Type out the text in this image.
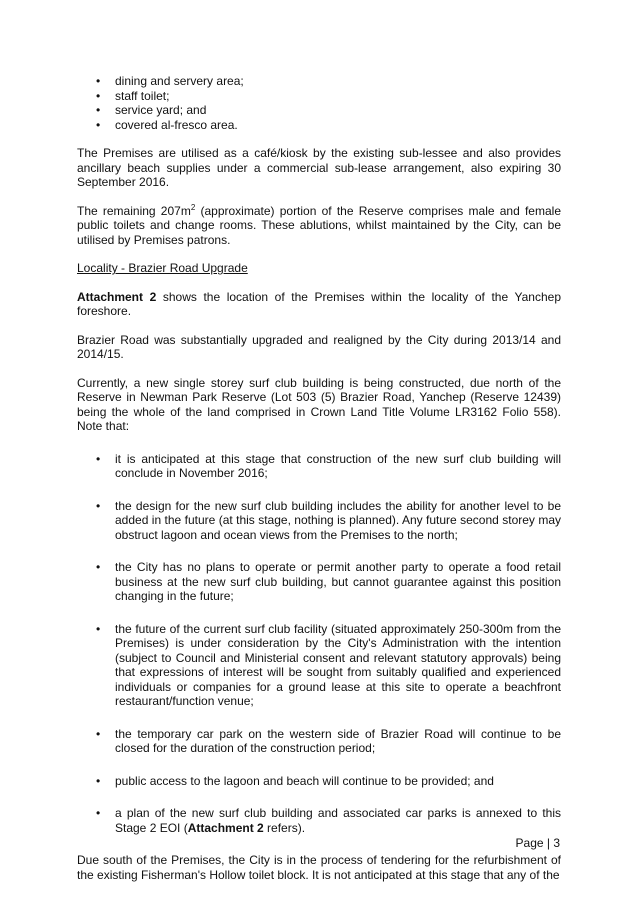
• dining and servery area;
• staff toilet;
• service yard; and
• covered al-fresco area.

The Premises are utilised as a café/kiosk by the existing sub-lessee and also provides ancillary beach supplies under a commercial sub-lease arrangement, also expiring 30 September 2016.

The remaining $207m^2$ (approximate) portion of the Reserve comprises male and female public toilets and change rooms. These ablutions, whilst maintained by the City, can be utilised by Premises patrons.

Locality - Brazier Road Upgrade

Attachment 2 shows the location of the Premises within the locality of the Yanchep foreshore.

Brazier Road was substantially upgraded and realigned by the City during 2013/14 and 2014/15.

Currently, a new single storey surf club building is being constructed, due north of the Reserve in Newman Park Reserve (Lot 503 (5) Brazier Road, Yanchep (Reserve 12439) being the whole of the land comprised in Crown Land Title Volume LR3162 Folio 558). Note that:

• it is anticipated at this stage that construction of the new surf club building will conclude in November 2016;
• the design for the new surf club building includes the ability for another level to be added in the future (at this stage, nothing is planned). Any future second storey may obstruct lagoon and ocean views from the Premises to the north;
• the City has no plans to operate or permit another party to operate a food retail business at the new surf club building, but cannot guarantee against this position changing in the future;
• the future of the current surf club facility (situated approximately 250-300m from the Premises) is under consideration by the City's Administration with the intention (subject to Council and Ministerial consent and relevant statutory approvals) being that expressions of interest will be sought from suitably qualified and experienced individuals or companies for a ground lease at this site to operate a beachfront restaurant/function venue;
• the temporary car park on the western side of Brazier Road will continue to be closed for the duration of the construction period;
• public access to the lagoon and beach will continue to be provided; and
• a plan of the new surf club building and associated car parks is annexed to this Stage 2 EOI (Attachment 2 refers).

Due south of the Premises, the City is in the process of tendering for the refurbishment of the existing Fisherman's Hollow toilet block. It is not anticipated at this stage that any of the

Page | 3
